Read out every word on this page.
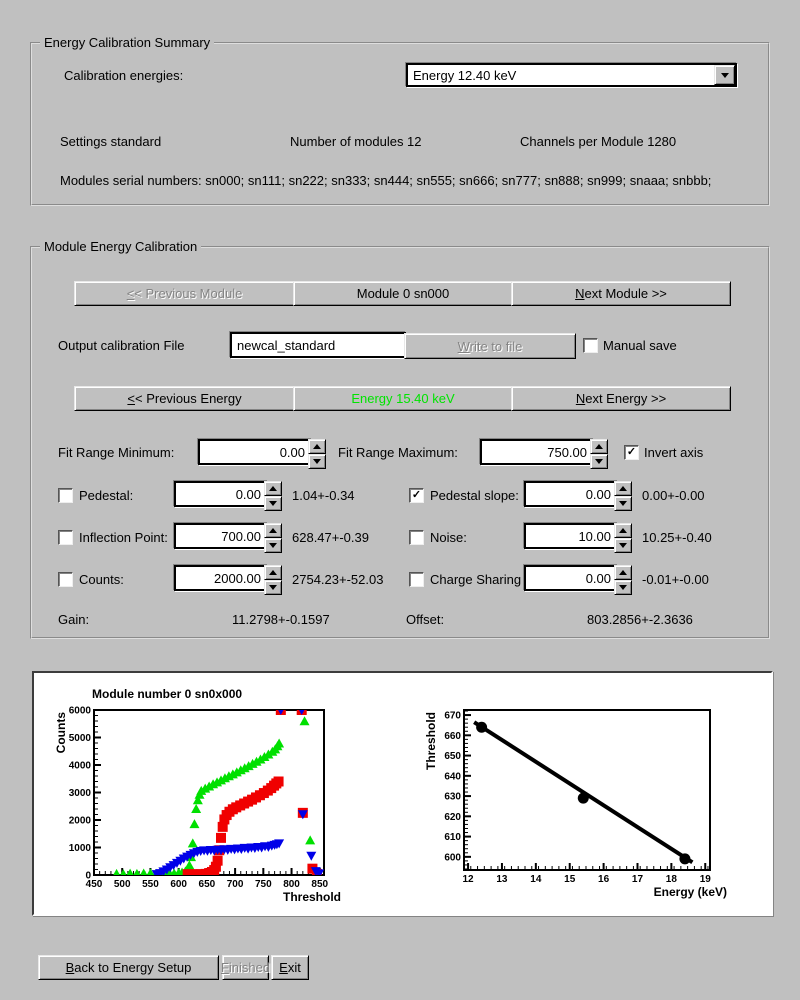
Energy Calibration Summary
Calibration energies:	Energy 12.40 keV
Settings standard	Number of modules 12	Channels per Module 1280
Modules serial numbers: sn000; sn111; sn222; sn333; sn444; sn555; sn666; sn777; sn888; sn999; snaaa; snbbb;
Module Energy Calibration
<< Previous Module	Module 0 sn000	Next Module >>
Output calibration File	newcal_standard	Write to file	Manual save
<< Previous Energy	Energy 15.40 keV	Next Energy >>
Fit Range Minimum:	0.00	Fit Range Maximum:	750.00	✓ Invert axis
Pedestal:	0.00 1.04+-0.34	✓ Pedestal slope:	0.00 0.00+-0.00
Inflection Point:	700.00 628.47+-0.39	Noise:	10.00 10.25+-0.40
Counts:	2000.00 2754.23+-52.03	Charge Sharing	0.00 -0.01+-0.00
Gain:	11.2798+-0.1597	Offset:	803.2856+-2.3636
450 500 550 600 650 700 750 800 850
0
1000
2000
3000
4000
5000
6000
Module number 0 sn0x000
Threshold
Counts
12 13 14 15 16 17 18 19
600
610
620
630
640
650
660
670
Energy (keV)
Threshold
Back to Energy Setup Finished Exit
